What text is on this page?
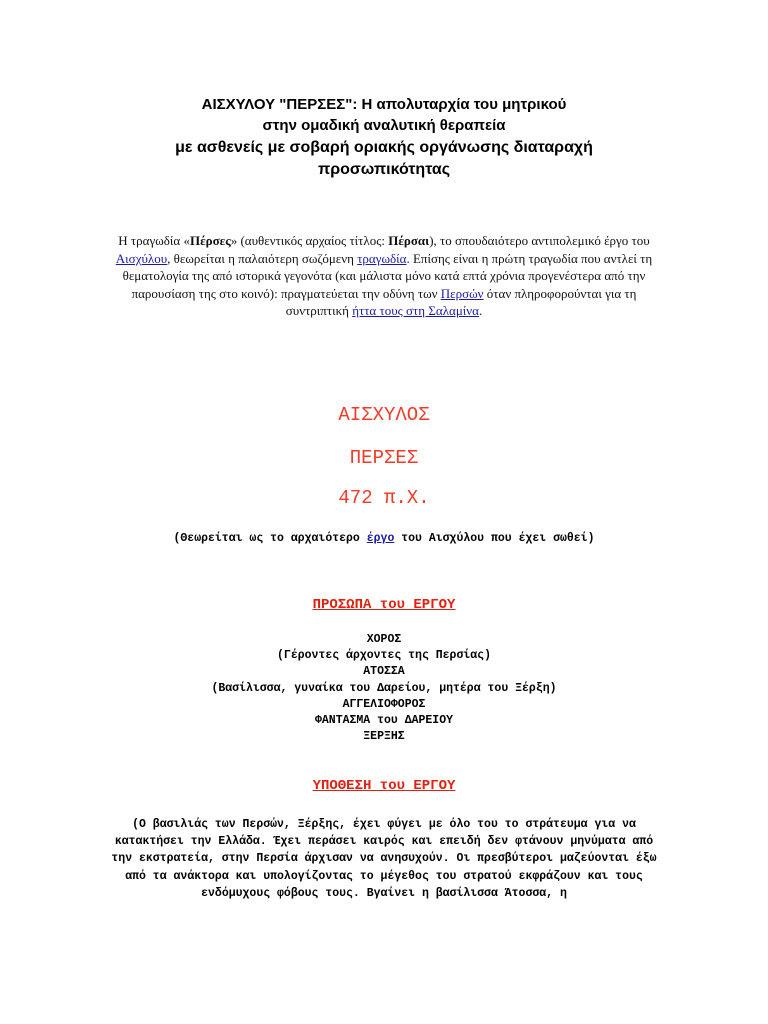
ΑΙΣΧΥΛΟΥ "ΠΕΡΣΕΣ": Η απολυταρχία του μητρικού
στην ομαδική αναλυτική θεραπεία
με ασθενείς με σοβαρή οριακής οργάνωσης διαταραχή
προσωπικότητας
Η τραγωδία «Πέρσες» (αυθεντικός αρχαίος τίτλος: Πέρσαι), το σπουδαιότερο αντιπολεμικό έργο του Αισχύλου, θεωρείται η παλαιότερη σωζόμενη τραγωδία. Επίσης είναι η πρώτη τραγωδία που αντλεί τη θεματολογία της από ιστορικά γεγονότα (και μάλιστα μόνο κατά επτά χρόνια προγενέστερα από την παρουσίαση της στο κοινό): πραγματεύεται την οδύνη των Περσών όταν πληροφορούνται για τη συντριπτική ήττα τους στη Σαλαμίνα.
ΑΙΣΧΥΛΟΣ
ΠΕΡΣΕΣ
472 π.Χ.
(Θεωρείται ως το αρχαιότερο έργο του Αισχύλου που έχει σωθεί)
ΠΡΟΣΩΠΑ του ΕΡΓΟΥ
ΧΟΡΟΣ
(Γέροντες άρχοντες της Περσίας)
ΑΤΟΣΣΑ
(Βασίλισσα, γυναίκα του Δαρείου, μητέρα του Ξέρξη)
ΑΓΓΕΛΙΟΦΟΡΟΣ
ΦΑΝΤΑΣΜΑ του ΔΑΡΕΙΟΥ
ΞΕΡΞΗΣ
ΥΠΟΘΕΣΗ του ΕΡΓΟΥ
(Ο βασιλιάς των Περσών, Ξέρξης, έχει φύγει με όλο του το στράτευμα για να κατακτήσει την Ελλάδα. Έχει περάσει καιρός και επειδή δεν φτάνουν μηνύματα από την εκστρατεία, στην Περσία άρχισαν να ανησυχούν. Οι πρεσβύτεροι μαζεύονται έξω από τα ανάκτορα και υπολογίζοντας το μέγεθος του στρατού εκφράζουν και τους ενδόμυχους φόβους τους. Βγαίνει η βασίλισσα Άτοσσα, η
